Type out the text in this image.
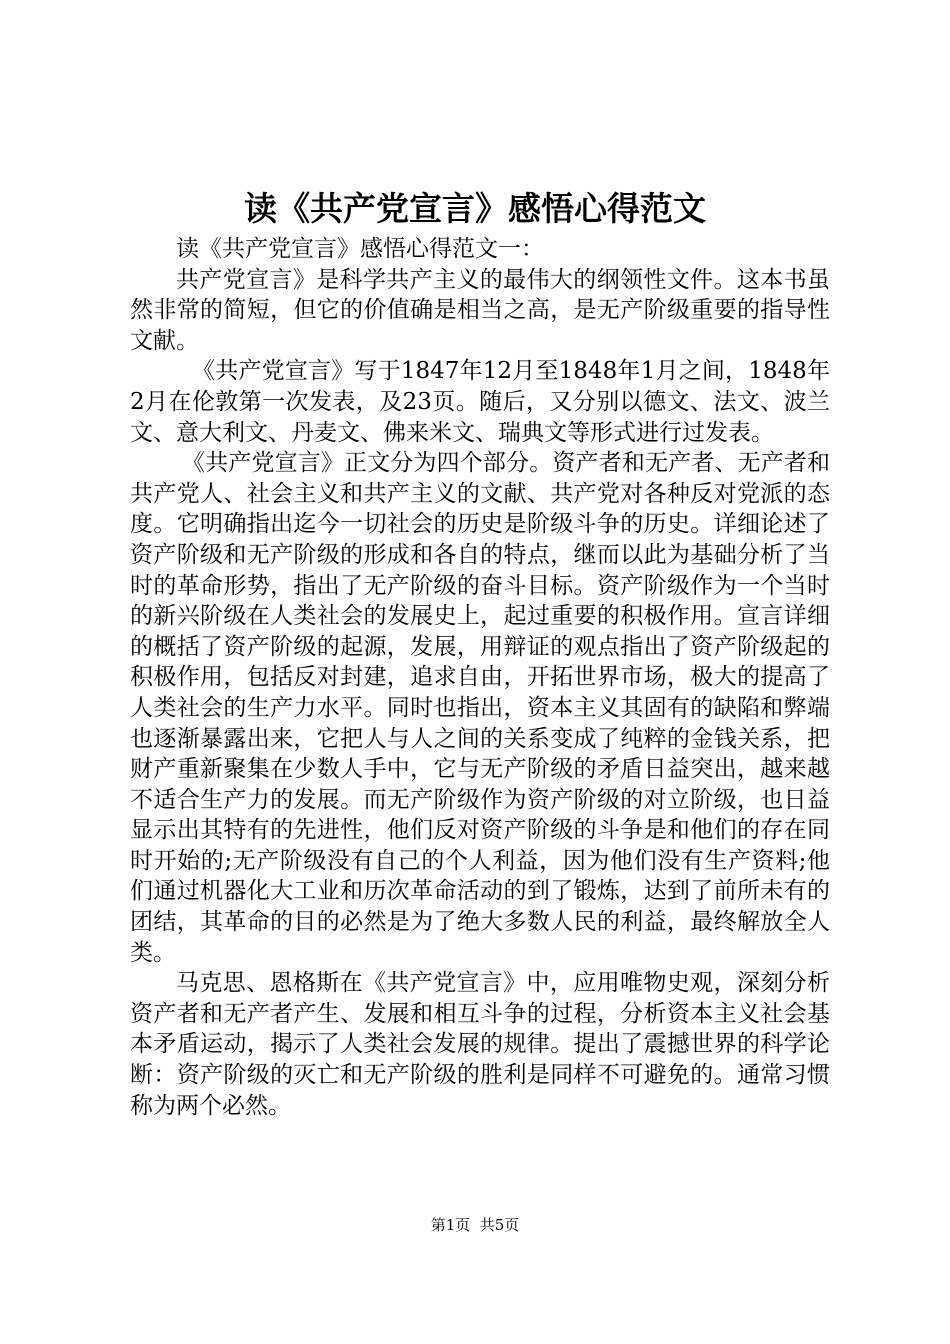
读《共产党宣言》感悟心得范文

读《共产党宣言》感悟心得范文一：

共产党宣言》是科学共产主义的最伟大的纲领性文件。这本书虽然非常的简短，但它的价值确是相当之高，是无产阶级重要的指导性文献。

《共产党宣言》写于1847年12月至1848年1月之间，1848年2月在伦敦第一次发表，及23页。随后，又分别以德文、法文、波兰文、意大利文、丹麦文、佛来米文、瑞典文等形式进行过发表。

《共产党宣言》正文分为四个部分。资产者和无产者、无产者和共产党人、社会主义和共产主义的文献、共产党对各种反对党派的态度。它明确指出迄今一切社会的历史是阶级斗争的历史。详细论述了资产阶级和无产阶级的形成和各自的特点，继而以此为基础分析了当时的革命形势，指出了无产阶级的奋斗目标。资产阶级作为一个当时的新兴阶级在人类社会的发展史上，起过重要的积极作用。宣言详细的概括了资产阶级的起源，发展，用辩证的观点指出了资产阶级起的积极作用，包括反对封建，追求自由，开拓世界市场，极大的提高了人类社会的生产力水平。同时也指出，资本主义其固有的缺陷和弊端也逐渐暴露出来，它把人与人之间的关系变成了纯粹的金钱关系，把财产重新聚集在少数人手中，它与无产阶级的矛盾日益突出，越来越不适合生产力的发展。而无产阶级作为资产阶级的对立阶级，也日益显示出其特有的先进性，他们反对资产阶级的斗争是和他们的存在同时开始的;无产阶级没有自己的个人利益，因为他们没有生产资料;他们通过机器化大工业和历次革命活动的到了锻炼，达到了前所未有的团结，其革命的目的必然是为了绝大多数人民的利益，最终解放全人类。

马克思、恩格斯在《共产党宣言》中，应用唯物史观，深刻分析资产者和无产者产生、发展和相互斗争的过程，分析资本主义社会基本矛盾运动，揭示了人类社会发展的规律。提出了震撼世界的科学论断：资产阶级的灭亡和无产阶级的胜利是同样不可避免的。通常习惯称为两个必然。

第1页  共5页
